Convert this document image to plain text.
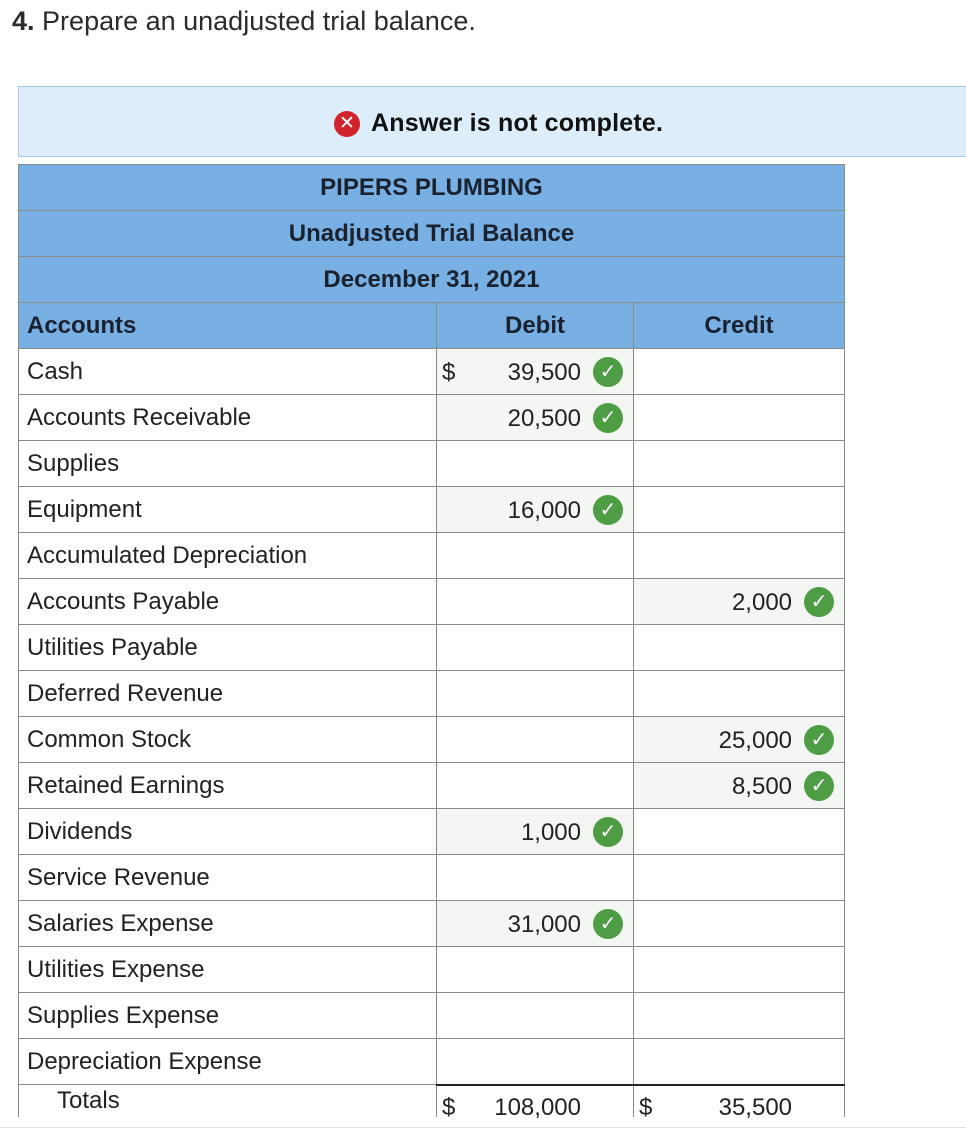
4. Prepare an unadjusted trial balance.
✕ Answer is not complete.
PIPERS PLUMBING		
Unadjusted Trial Balance		
December 31, 2021		
Accounts	Debit	Credit
Cash	$ 39,500 ✓	

Accounts Receivable	20,500 ✓	

Supplies		
Equipment	16,000 ✓	

Accumulated Depreciation		
Accounts Payable		2,000 ✓

Utilities Payable		
Deferred Revenue		
Common Stock		25,000 ✓

Retained Earnings		8,500 ✓

Dividends	1,000 ✓	

Service Revenue		
Salaries Expense	31,000 ✓	

Utilities Expense		
Supplies Expense		
Depreciation Expense		
Totals	$ 108,000	$ 35,500
